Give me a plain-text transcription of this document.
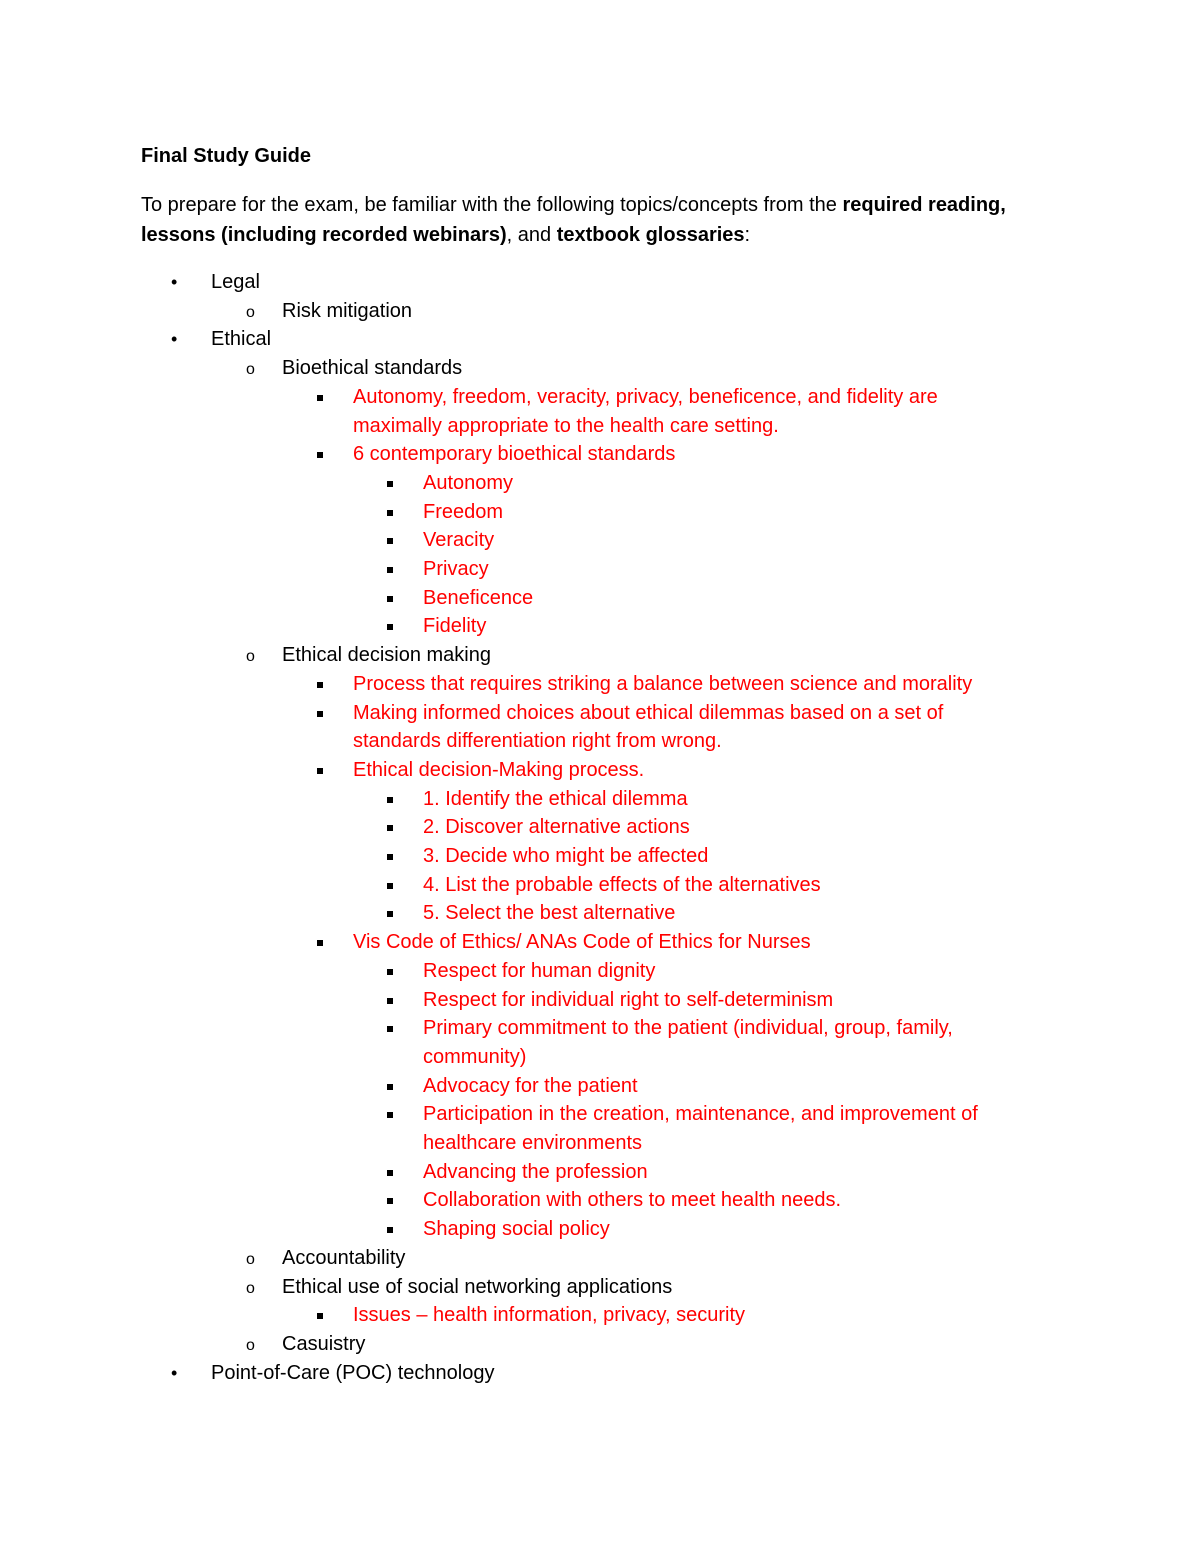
Final Study Guide
To prepare for the exam, be familiar with the following topics/concepts from the required reading, lessons (including recorded webinars), and textbook glossaries:
•	Legal
o	Risk mitigation
•	Ethical
o	Bioethical standards
Autonomy, freedom, veracity, privacy, beneficence, and fidelity are
maximally appropriate to the health care setting.
6 contemporary bioethical standards
Autonomy
Freedom
Veracity
Privacy
Beneficence
Fidelity
o	Ethical decision making
Process that requires striking a balance between science and morality
Making informed choices about ethical dilemmas based on a set of
standards differentiation right from wrong.
Ethical decision-Making process.
1. Identify the ethical dilemma
2. Discover alternative actions
3. Decide who might be affected
4. List the probable effects of the alternatives
5. Select the best alternative
Vis Code of Ethics/ ANAs Code of Ethics for Nurses
Respect for human dignity
Respect for individual right to self-determinism
Primary commitment to the patient (individual, group, family,
community)
Advocacy for the patient
Participation in the creation, maintenance, and improvement of
healthcare environments
Advancing the profession
Collaboration with others to meet health needs.
Shaping social policy
o	Accountability
o	Ethical use of social networking applications
Issues – health information, privacy, security
o	Casuistry
•	Point-of-Care (POC) technology
